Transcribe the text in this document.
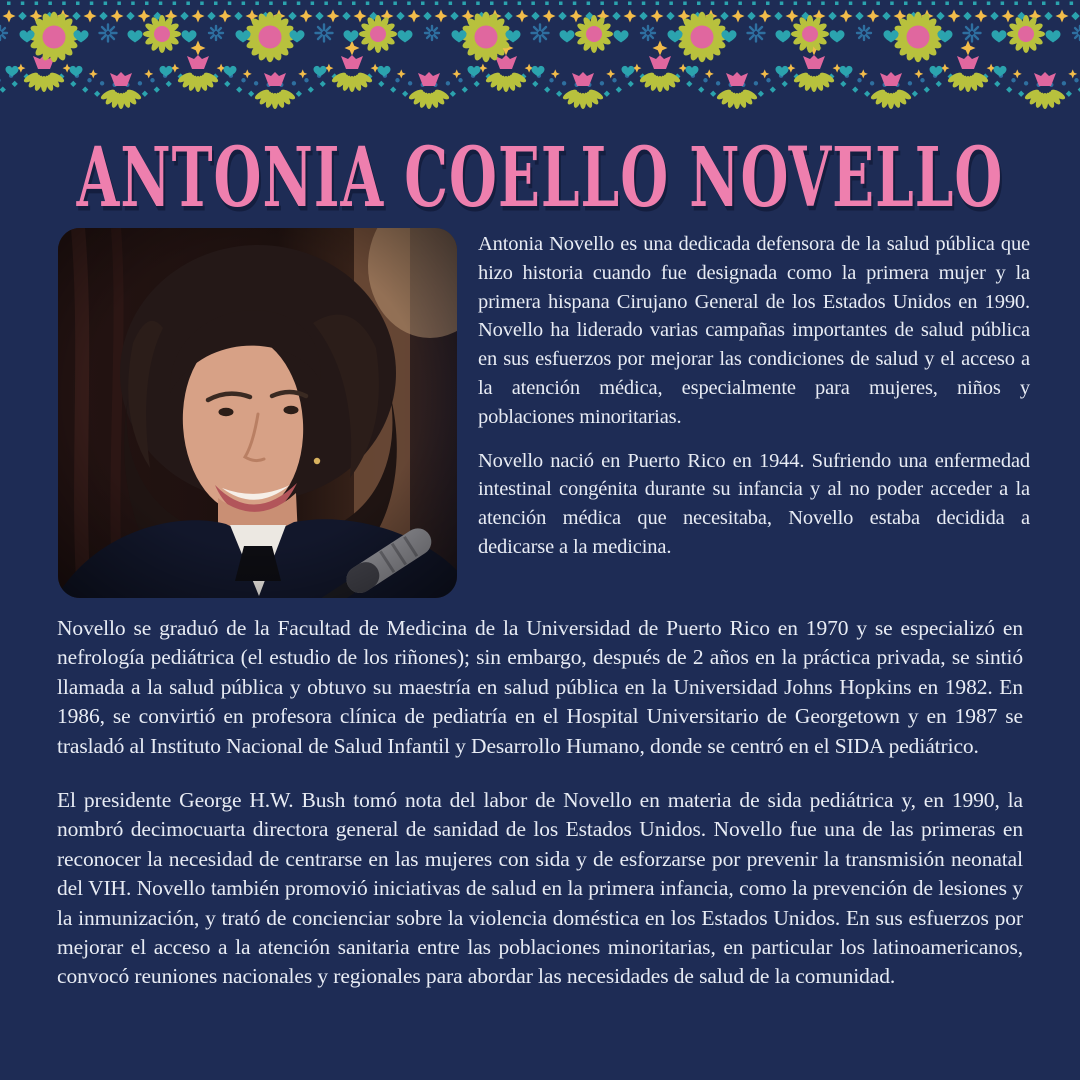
ANTONIA COELLO NOVELLO

Antonia Novello es una dedicada defensora de la salud pública que hizo historia cuando fue designada como la primera mujer y la primera hispana Cirujano General de los Estados Unidos en 1990. Novello ha liderado varias campañas importantes de salud pública en sus esfuerzos por mejorar las condiciones de salud y el acceso a la atención médica, especialmente para mujeres, niños y poblaciones minoritarias.

Novello nació en Puerto Rico en 1944. Sufriendo una enfermedad intestinal congénita durante su infancia y al no poder acceder a la atención médica que necesitaba, Novello estaba decidida a dedicarse a la medicina.

Novello se graduó de la Facultad de Medicina de la Universidad de Puerto Rico en 1970 y se especializó en nefrología pediátrica (el estudio de los riñones); sin embargo, después de 2 años en la práctica privada, se sintió llamada a la salud pública y obtuvo su maestría en salud pública en la Universidad Johns Hopkins en 1982. En 1986, se convirtió en profesora clínica de pediatría en el Hospital Universitario de Georgetown y en 1987 se trasladó al Instituto Nacional de Salud Infantil y Desarrollo Humano, donde se centró en el SIDA pediátrico.

El presidente George H.W. Bush tomó nota del labor de Novello en materia de sida pediátrica y, en 1990, la nombró decimocuarta directora general de sanidad de los Estados Unidos. Novello fue una de las primeras en reconocer la necesidad de centrarse en las mujeres con sida y de esforzarse por prevenir la transmisión neonatal del VIH. Novello también promovió iniciativas de salud en la primera infancia, como la prevención de lesiones y la inmunización, y trató de concienciar sobre la violencia doméstica en los Estados Unidos. En sus esfuerzos por mejorar el acceso a la atención sanitaria entre las poblaciones minoritarias, en particular los latinoamericanos, convocó reuniones nacionales y regionales para abordar las necesidades de salud de la comunidad.
